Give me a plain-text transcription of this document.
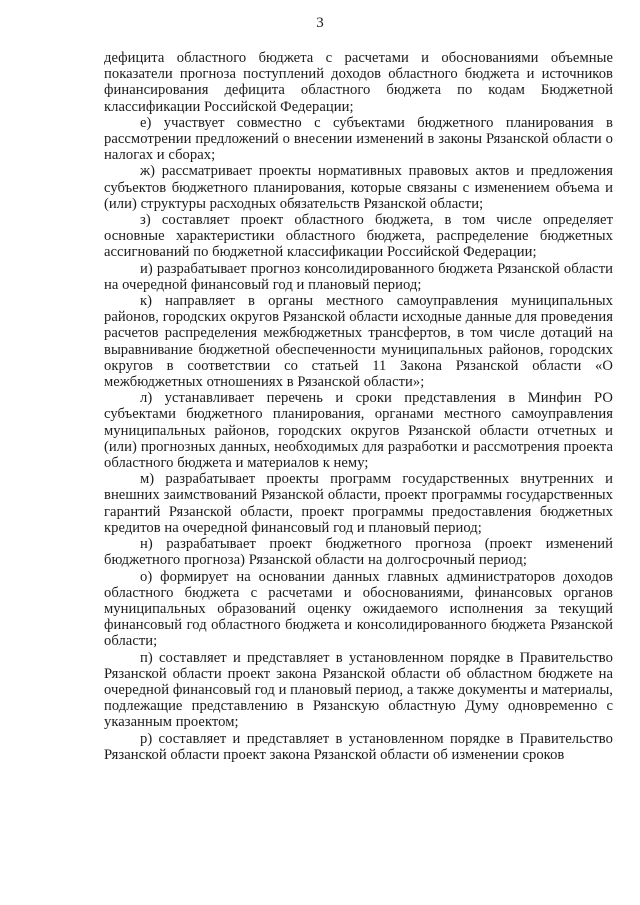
3

дефицита областного бюджета с расчетами и обоснованиями объемные показатели прогноза поступлений доходов областного бюджета и источников финансирования дефицита областного бюджета по кодам Бюджетной классификации Российской Федерации;

е) участвует совместно с субъектами бюджетного планирования в рассмотрении предложений о внесении изменений в законы Рязанской области о налогах и сборах;

ж) рассматривает проекты нормативных правовых актов и предложения субъектов бюджетного планирования, которые связаны с изменением объема и (или) структуры расходных обязательств Рязанской области;

з) составляет проект областного бюджета, в том числе определяет основные характеристики областного бюджета, распределение бюджетных ассигнований по бюджетной классификации Российской Федерации;

и) разрабатывает прогноз консолидированного бюджета Рязанской области на очередной финансовый год и плановый период;

к) направляет в органы местного самоуправления муниципальных районов, городских округов Рязанской области исходные данные для проведения расчетов распределения межбюджетных трансфертов, в том числе дотаций на выравнивание бюджетной обеспеченности муниципальных районов, городских округов в соответствии со статьей 11 Закона Рязанской области «О межбюджетных отношениях в Рязанской области»;

л) устанавливает перечень и сроки представления в Минфин РО субъектами бюджетного планирования, органами местного самоуправления муниципальных районов, городских округов Рязанской области отчетных и (или) прогнозных данных, необходимых для разработки и рассмотрения проекта областного бюджета и материалов к нему;

м) разрабатывает проекты программ государственных внутренних и внешних заимствований Рязанской области, проект программы государственных гарантий Рязанской области, проект программы предоставления бюджетных кредитов на очередной финансовый год и плановый период;

н) разрабатывает проект бюджетного прогноза (проект изменений бюджетного прогноза) Рязанской области на долгосрочный период;

о) формирует на основании данных главных администраторов доходов областного бюджета с расчетами и обоснованиями, финансовых органов муниципальных образований оценку ожидаемого исполнения за текущий финансовый год областного бюджета и консолидированного бюджета Рязанской области;

п) составляет и представляет в установленном порядке в Правительство Рязанской области проект закона Рязанской области об областном бюджете на очередной финансовый год и плановый период, а также документы и материалы, подлежащие представлению в Рязанскую областную Думу одновременно с указанным проектом;

р) составляет и представляет в установленном порядке в Правительство Рязанской области проект закона Рязанской области об изменении сроков
